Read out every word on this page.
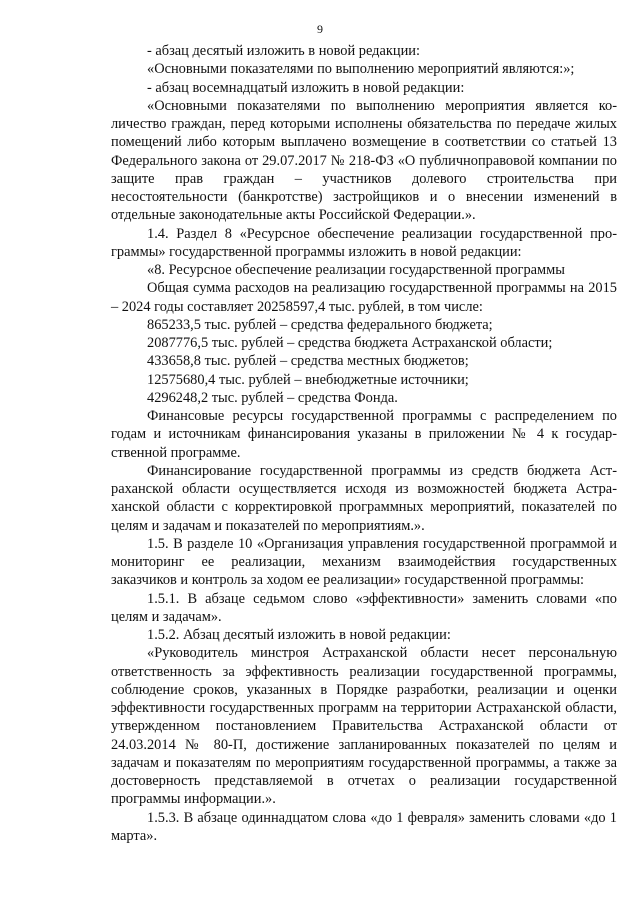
9

- абзац десятый изложить в новой редакции:

«Основными показателями по выполнению мероприятий являются:»;

- абзац восемнадцатый изложить в новой редакции:

«Основными показателями по выполнению мероприятия является количество граждан, перед которыми исполнены обязательства по передаче жилых помещений либо которым выплачено возмещение в соответствии со статьей 13 Федерального закона от 29.07.2017 № 218-ФЗ «О публичноправовой компании по защите прав граждан – участников долевого строительства при несостоятельности (банкротстве) застройщиков и о внесении изменений в отдельные законодательные акты Российской Федерации.».

1.4. Раздел 8 «Ресурсное обеспечение реализации государственной программы» государственной программы изложить в новой редакции:

«8. Ресурсное обеспечение реализации государственной программы

Общая сумма расходов на реализацию государственной программы на 2015 – 2024 годы составляет 20258597,4 тыс. рублей, в том числе:

865233,5 тыс. рублей – средства федерального бюджета;

2087776,5 тыс. рублей – средства бюджета Астраханской области;

433658,8 тыс. рублей – средства местных бюджетов;

12575680,4 тыс. рублей – внебюджетные источники;

4296248,2 тыс. рублей – средства Фонда.

Финансовые ресурсы государственной программы с распределением по годам и источникам финансирования указаны в приложении № 4 к государственной программе.

Финансирование государственной программы из средств бюджета Астраханской области осуществляется исходя из возможностей бюджета Астраханской области с корректировкой программных мероприятий, показателей по целям и задачам и показателей по мероприятиям.».

1.5. В разделе 10 «Организация управления государственной программой и мониторинг ее реализации, механизм взаимодействия государственных заказчиков и контроль за ходом ее реализации» государственной программы:

1.5.1. В абзаце седьмом слово «эффективности» заменить словами «по целям и задачам».

1.5.2. Абзац десятый изложить в новой редакции:

«Руководитель минстроя Астраханской области несет персональную ответственность за эффективность реализации государственной программы, соблюдение сроков, указанных в Порядке разработки, реализации и оценки эффективности государственных программ на территории Астраханской области, утвержденном постановлением Правительства Астраханской области от 24.03.2014 № 80-П, достижение запланированных показателей по целям и задачам и показателям по мероприятиям государственной программы, а также за достоверность представляемой в отчетах о реализации государственной программы информации.».

1.5.3. В абзаце одиннадцатом слова «до 1 февраля» заменить словами «до 1 марта».
